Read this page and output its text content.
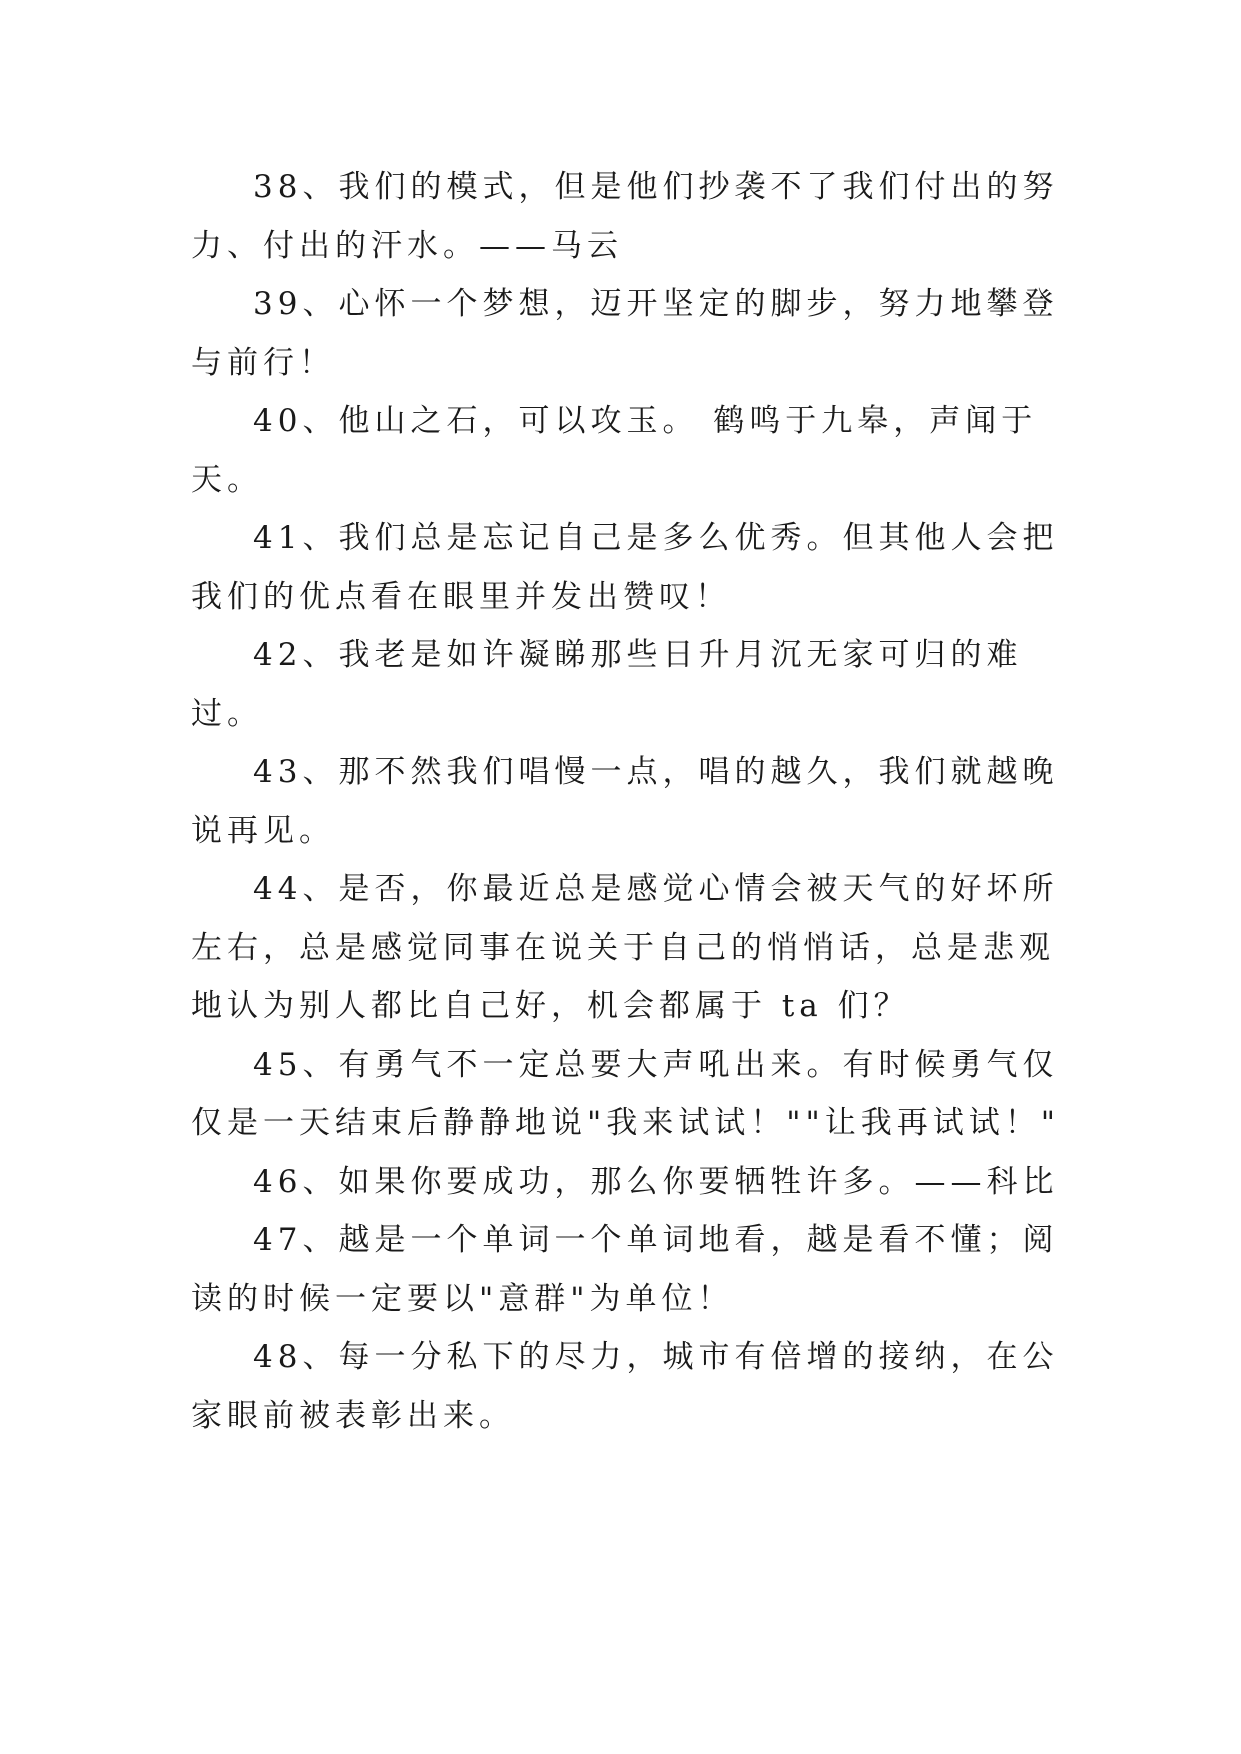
38、我们的模式，但是他们抄袭不了我们付出的努力、付出的汗水。——马云

39、心怀一个梦想，迈开坚定的脚步，努力地攀登与前行！

40、他山之石，可以攻玉。 鹤鸣于九皋，声闻于天。

41、我们总是忘记自己是多么优秀。但其他人会把我们的优点看在眼里并发出赞叹！

42、我老是如许凝睇那些日升月沉无家可归的难过。

43、那不然我们唱慢一点，唱的越久，我们就越晚说再见。

44、是否，你最近总是感觉心情会被天气的好坏所左右，总是感觉同事在说关于自己的悄悄话，总是悲观地认为别人都比自己好，机会都属于 ta 们？

45、有勇气不一定总要大声吼出来。有时候勇气仅仅是一天结束后静静地说"我来试试！""让我再试试！"

46、如果你要成功，那么你要牺牲许多。——科比

47、越是一个单词一个单词地看，越是看不懂；阅读的时候一定要以"意群"为单位！

48、每一分私下的尽力，城市有倍增的接纳，在公家眼前被表彰出来。
